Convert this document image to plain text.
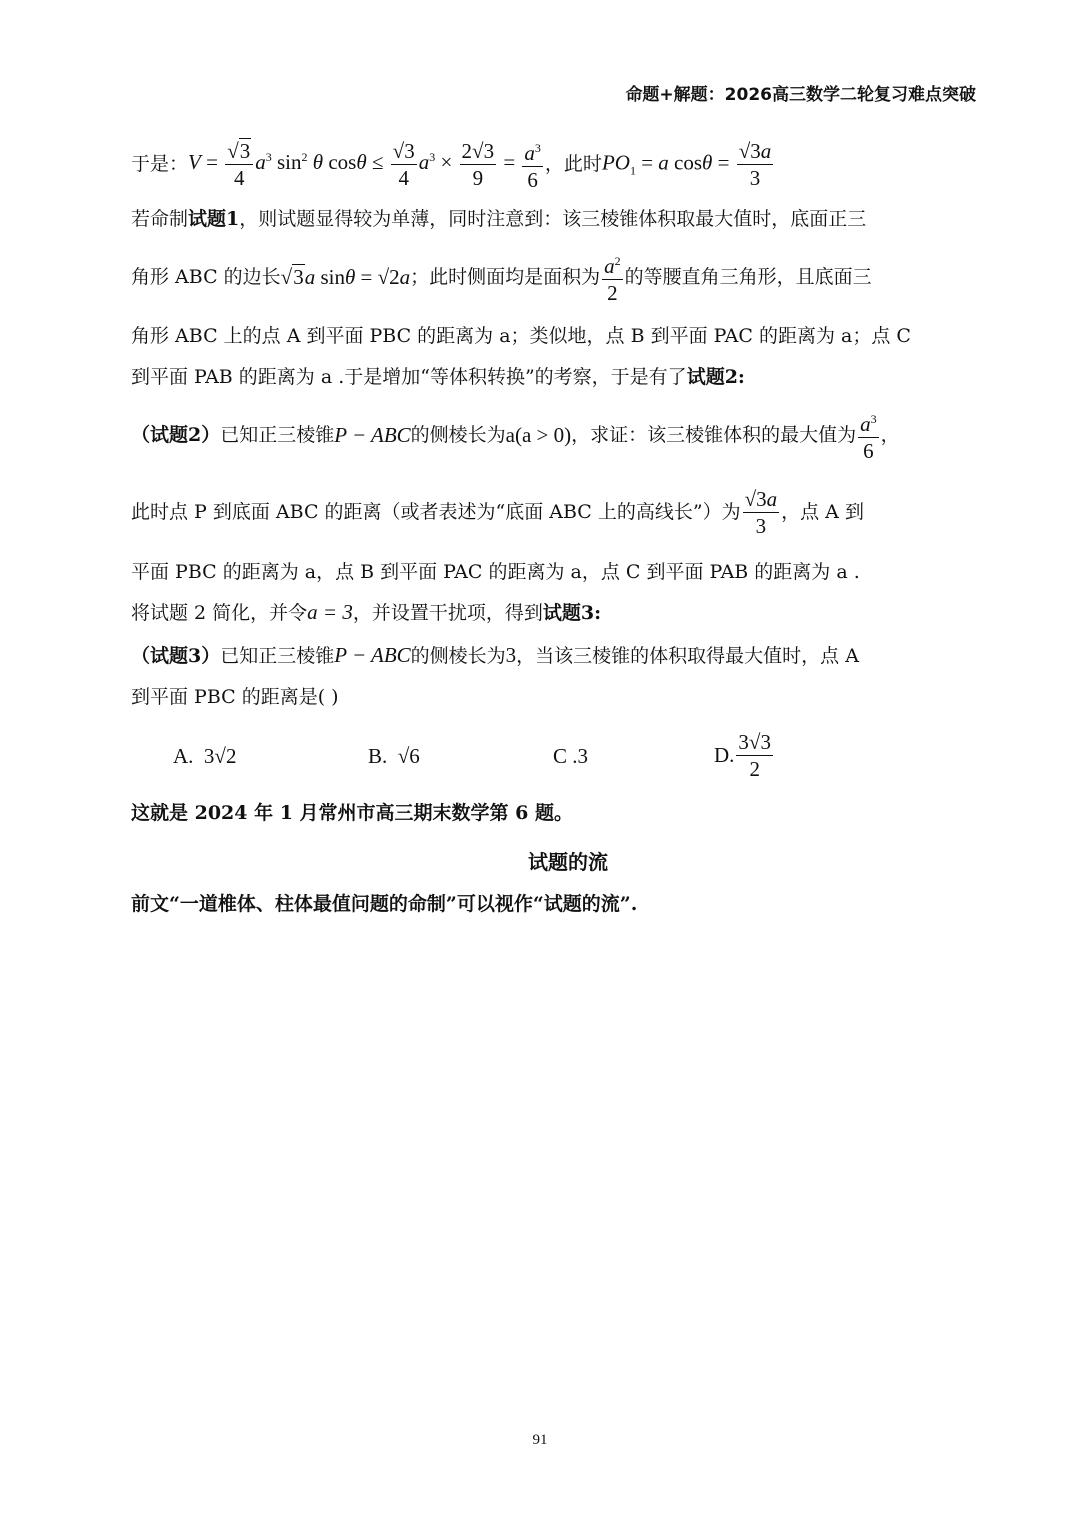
命题+解题：2026高三数学二轮复习难点突破
于是： $V = \frac{√3}{4} a^3$ $\sin^2 \theta$ $\cos\theta \le \frac{√3}{4} a^3 \times \frac{2√3}{9} = \frac{a^3}{6}$ ，此时 $PO_1 = a$ $\cos\theta = \frac{√3a}{3}$
若命制试题1，则试题显得较为单薄，同时注意到：该三棱锥体积取最大值时，底面正三
角形 ABC 的边长 √3a sinθ = √2a ；此时侧面均是面积为 $\frac{a^2}{2}$ 的等腰直角三角形，且底面三
角形 ABC 上的点 A 到平面 PBC 的距离为 a；类似地，点 B 到平面 PAC 的距离为 a；点 C
到平面 PAB 的距离为 a .于是增加“等体积转换”的考察，于是有了试题2:
（试题2） 已知正三棱锥 P − ABC 的侧棱长为 a(a > 0) ，求证：该三棱锥体积的最大值为 $\frac{a^3}{6}$ ，
此时点 P 到底面 ABC 的距离（或者表述为“底面 ABC 上的高线长”）为 $\frac{√3a}{3}$ ，点 A 到
平面 PBC 的距离为 a，点 B 到平面 PAC 的距离为 a，点 C 到平面 PAB 的距离为 a .
将试题 2 简化，并令a = 3，并设置干扰项，得到试题3:
（试题3）已知正三棱锥P − ABC的侧棱长为3，当该三棱锥的体积取得最大值时，点 A
到平面 PBC 的距离是( )
A. 3√2	B. √6	C .3	D. $\frac{3√3}{2}$
这就是 2024 年 1 月常州市高三期末数学第 6 题。
试题的流
前文“一道椎体、柱体最值问题的命制”可以视作“试题的流”.
91
